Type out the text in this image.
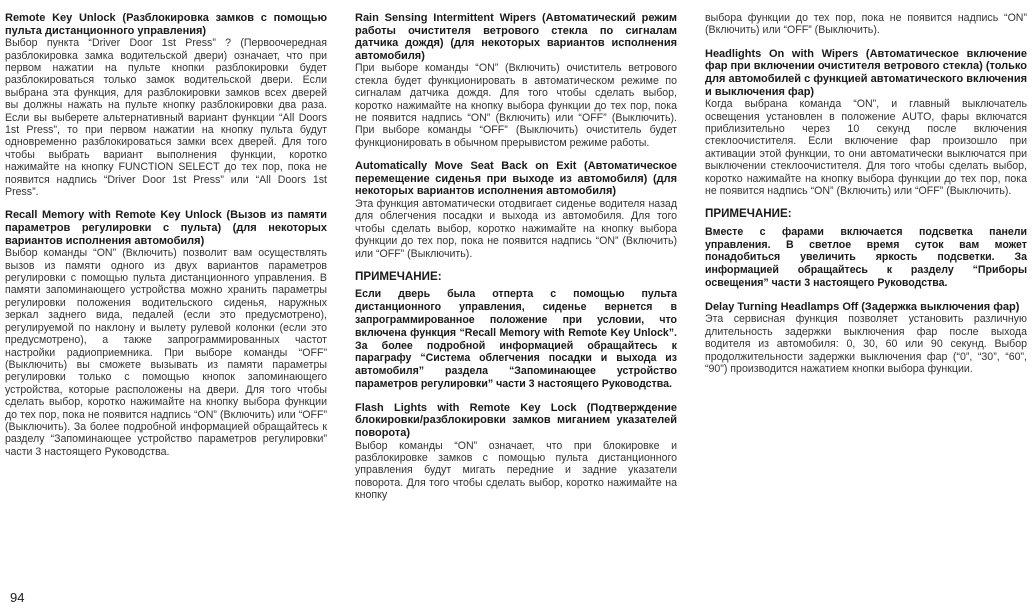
Remote Key Unlock (Разблокировка замков с помощью пульта дистанционного управления)

Выбор пункта “Driver Door 1st Press” ? (Первоочередная разблокировка замка водительской двери) означает, что при первом нажатии на пульте кнопки разблокировки будет разблокироваться только замок водительской двери. Если выбрана эта функция, для разблокировки замков всех дверей вы должны нажать на пульте кнопку разблокировки два раза. Если вы выберете альтернативный вариант функции “All Doors 1st Press”, то при первом нажатии на кнопку пульта будут одновременно разблокироваться замки всех дверей. Для того чтобы выбрать вариант выполнения функции, коротко нажимайте на кнопку FUNCTION SELECT до тех пор, пока не появится надпись “Driver Door 1st Press” или “All Doors 1st Press”.

Recall Memory with Remote Key Unlock (Вызов из памяти параметров регулировки с пульта) (для некоторых вариантов исполнения автомобиля)

Выбор команды “ON” (Включить) позволит вам осуществлять вызов из памяти одного из двух вариантов параметров регулировки с помощью пульта дистанционного управления. В памяти запоминающего устройства можно хранить параметры регулировки положения водительского сиденья, наружных зеркал заднего вида, педалей (если это предусмотрено), регулируемой по наклону и вылету рулевой колонки (если это предусмотрено), а также запрограммированных частот настройки радиоприемника. При выборе команды “OFF” (Выключить) вы сможете вызывать из памяти параметры регулировки только с помощью кнопок запоминающего устройства, которые расположены на двери. Для того чтобы сделать выбор, коротко нажимайте на кнопку выбора функции до тех пор, пока не появится надпись “ON” (Включить) или “OFF” (Выключить). За более подробной информацией обращайтесь к разделу “Запоминающее устройство параметров регулировки” части 3 настоящего Руководства.

Rain Sensing Intermittent Wipers (Автоматический режим работы очистителя ветрового стекла по сигналам датчика дождя) (для некоторых вариантов исполнения автомобиля)

При выборе команды “ON” (Включить) очиститель ветрового стекла будет функционировать в автоматическом режиме по сигналам датчика дождя. Для того чтобы сделать выбор, коротко нажимайте на кнопку выбора функции до тех пор, пока не появится надпись “ON” (Включить) или “OFF” (Выключить). При выборе команды “OFF” (Выключить) очиститель будет функционировать в обычном прерывистом режиме работы.

Automatically Move Seat Back on Exit (Автоматическое перемещение сиденья при выходе из автомобиля) (для некоторых вариантов исполнения автомобиля)

Эта функция автоматически отодвигает сиденье водителя назад для облегчения посадки и выхода из автомобиля. Для того чтобы сделать выбор, коротко нажимайте на кнопку выбора функции до тех пор, пока не появится надпись “ON” (Включить) или “OFF” (Выключить).

ПРИМЕЧАНИЕ:

Если дверь была отперта с помощью пульта дистанционного управления, сиденье вернется в запрограммированное положение при условии, что включена функция “Recall Memory with Remote Key Unlock”. За более подробной информацией обращайтесь к параграфу “Система облегчения посадки и выхода из автомобиля” раздела “Запоминающее устройство параметров регулировки” части 3 настоящего Руководства.

Flash Lights with Remote Key Lock (Подтверждение блокировки/разблокировки замков миганием указателей поворота)

Выбор команды “ON” означает, что при блокировке и разблокировке замков с помощью пульта дистанционного управления будут мигать передние и задние указатели поворота. Для того чтобы сделать выбор, коротко нажимайте на кнопку

выбора функции до тех пор, пока не появится надпись “ON” (Включить) или “OFF” (Выключить).

Headlights On with Wipers (Автоматическое включение фар при включении очистителя ветрового стекла) (только для автомобилей с функцией автоматического включения и выключения фар)

Когда выбрана команда “ON”, и главный выключатель освещения установлен в положение AUTO, фары включатся приблизительно через 10 секунд после включения стеклоочистителя. Если включение фар произошло при активации этой функции, то они автоматически выключатся при выключении стеклоочистителя. Для того чтобы сделать выбор, коротко нажимайте на кнопку выбора функции до тех пор, пока не появится надпись “ON” (Включить) или “OFF” (Выключить).

ПРИМЕЧАНИЕ:

Вместе с фарами включается подсветка панели управления. В светлое время суток вам может понадобиться увеличить яркость подсветки. За информацией обращайтесь к разделу “Приборы освещения” части 3 настоящего Руководства.

Delay Turning Headlamps Off (Задержка выключения фар)

Эта сервисная функция позволяет установить различную длительность задержки выключения фар после выхода водителя из автомобиля: 0, 30, 60 или 90 секунд. Выбор продолжительности задержки выключения фар (“0”, “30”, “60”, “90”) производится нажатием кнопки выбора функции.

94
